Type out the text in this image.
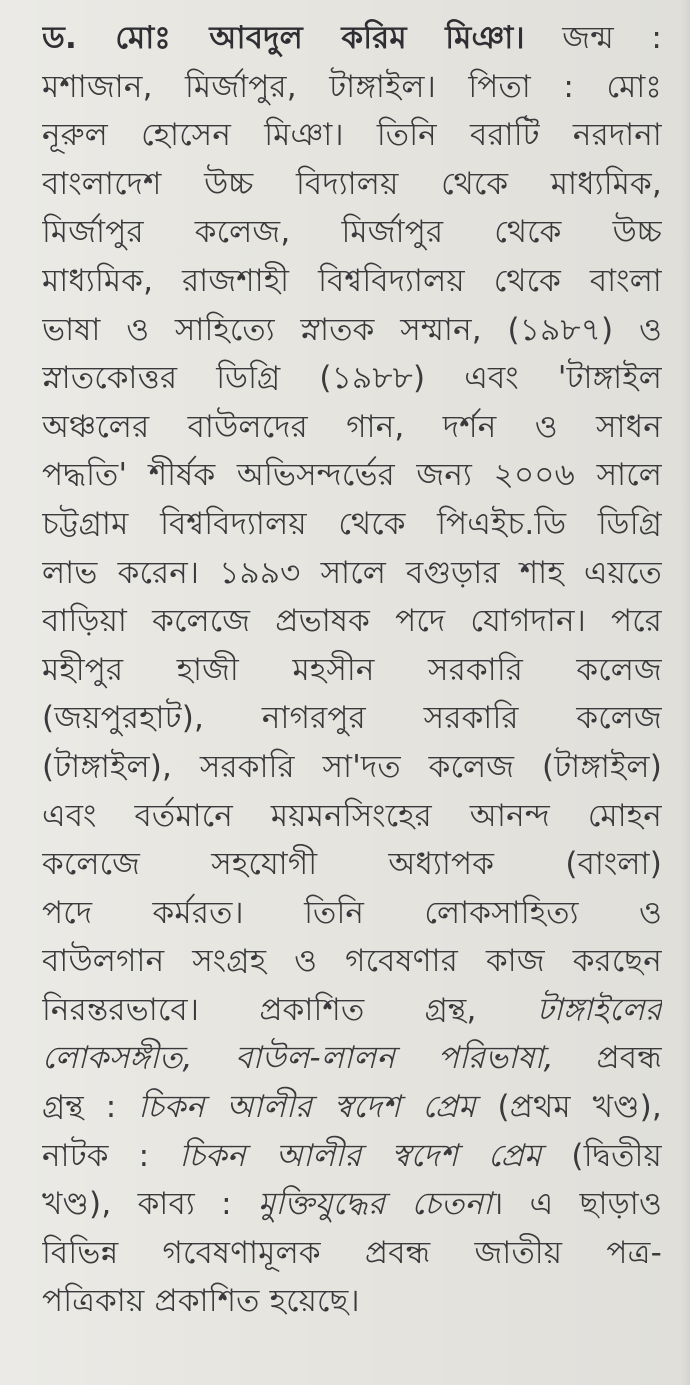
ড. মোঃ আবদুল করিম মিঞা। জন্ম :
মশাজান, মির্জাপুর, টাঙ্গাইল। পিতা : মোঃ
নূরুল হোসেন মিঞা। তিনি বরাটি নরদানা
বাংলাদেশ উচ্চ বিদ্যালয় থেকে মাধ্যমিক,
মির্জাপুর কলেজ, মির্জাপুর থেকে উচ্চ
মাধ্যমিক, রাজশাহী বিশ্ববিদ্যালয় থেকে বাংলা
ভাষা ও সাহিত্যে স্নাতক সম্মান, (১৯৮৭) ও
স্নাতকোত্তর ডিগ্রি (১৯৮৮) এবং 'টাঙ্গাইল
অঞ্চলের বাউলদের গান, দর্শন ও সাধন
পদ্ধতি' শীর্ষক অভিসন্দর্ভের জন্য ২০০৬ সালে
চট্টগ্রাম বিশ্ববিদ্যালয় থেকে পিএইচ.ডি ডিগ্রি
লাভ করেন। ১৯৯৩ সালে বগুড়ার শাহ এয়তে
বাড়িয়া কলেজে প্রভাষক পদে যোগদান। পরে
মহীপুর হাজী মহসীন সরকারি কলেজ
(জয়পুরহাট), নাগরপুর সরকারি কলেজ
(টাঙ্গাইল), সরকারি সা'দত কলেজ (টাঙ্গাইল)
এবং বর্তমানে ময়মনসিংহের আনন্দ মোহন
কলেজে সহযোগী অধ্যাপক (বাংলা)
পদে কর্মরত। তিনি লোকসাহিত্য ও
বাউলগান সংগ্রহ ও গবেষণার কাজ করছেন
নিরন্তরভাবে। প্রকাশিত গ্রন্থ, টাঙ্গাইলের
লোকসঙ্গীত, বাউল-লালন পরিভাষা, প্রবন্ধ
গ্রন্থ : চিকন আলীর স্বদেশ প্রেম (প্রথম খণ্ড),
নাটক : চিকন আলীর স্বদেশ প্রেম (দ্বিতীয়
খণ্ড), কাব্য : মুক্তিযুদ্ধের চেতনা। এ ছাড়াও
বিভিন্ন গবেষণামূলক প্রবন্ধ জাতীয় পত্র-
পত্রিকায় প্রকাশিত হয়েছে।
